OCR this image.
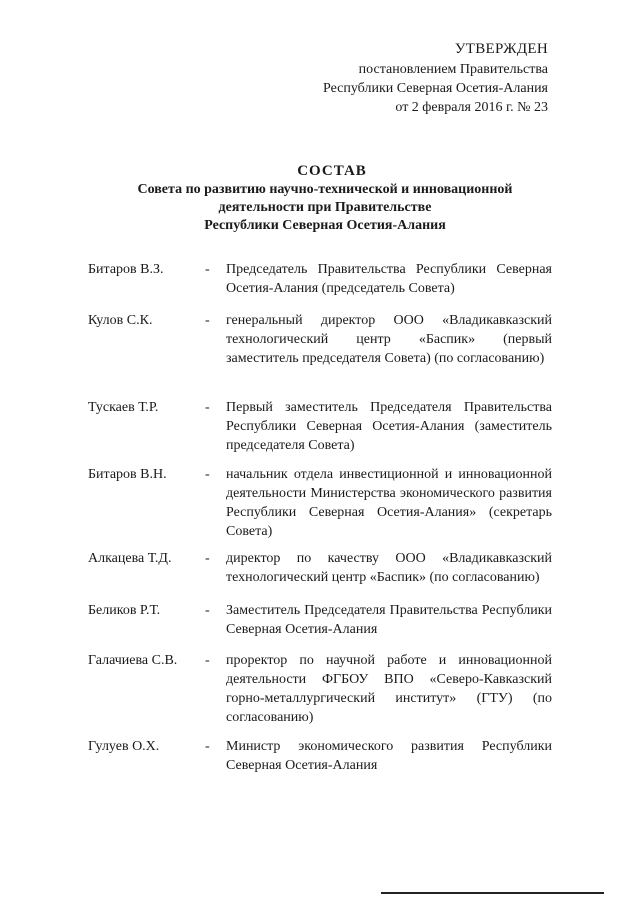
УТВЕРЖДЕН
постановлением Правительства
Республики Северная Осетия-Алания
от 2 февраля 2016 г. № 23
СОСТАВ
Совета по развитию научно-технической и инновационной
деятельности при Правительстве
Республики Северная Осетия-Алания
Битаров В.З.	- Председатель Правительства Республики Северная Осетия-Алания (председатель Совета)
Кулов С.К.	- генеральный директор ООО «Владикавказский технологический центр «Баспик» (первый заместитель председателя Совета) (по согласованию)
Тускаев Т.Р.	- Первый заместитель Председателя Правительства Республики Северная Осетия-Алания (заместитель председателя Совета)
Битаров В.Н.	- начальник отдела инвестиционной и инновационной деятельности Министерства экономического развития Республики Северная Осетия-Алания» (секретарь Совета)
Алкацева Т.Д.	- директор по качеству ООО «Владикавказский технологический центр «Баспик» (по согласованию)
Беликов Р.Т.	- Заместитель Председателя Правительства Республики Северная Осетия-Алания
Галачиева С.В.	- проректор по научной работе и инновационной деятельности ФГБОУ ВПО «Северо-Кавказский горно-металлургический институт» (ГТУ) (по согласованию)
Гулуев О.Х.	- Министр экономического развития Республики Северная Осетия-Алания
